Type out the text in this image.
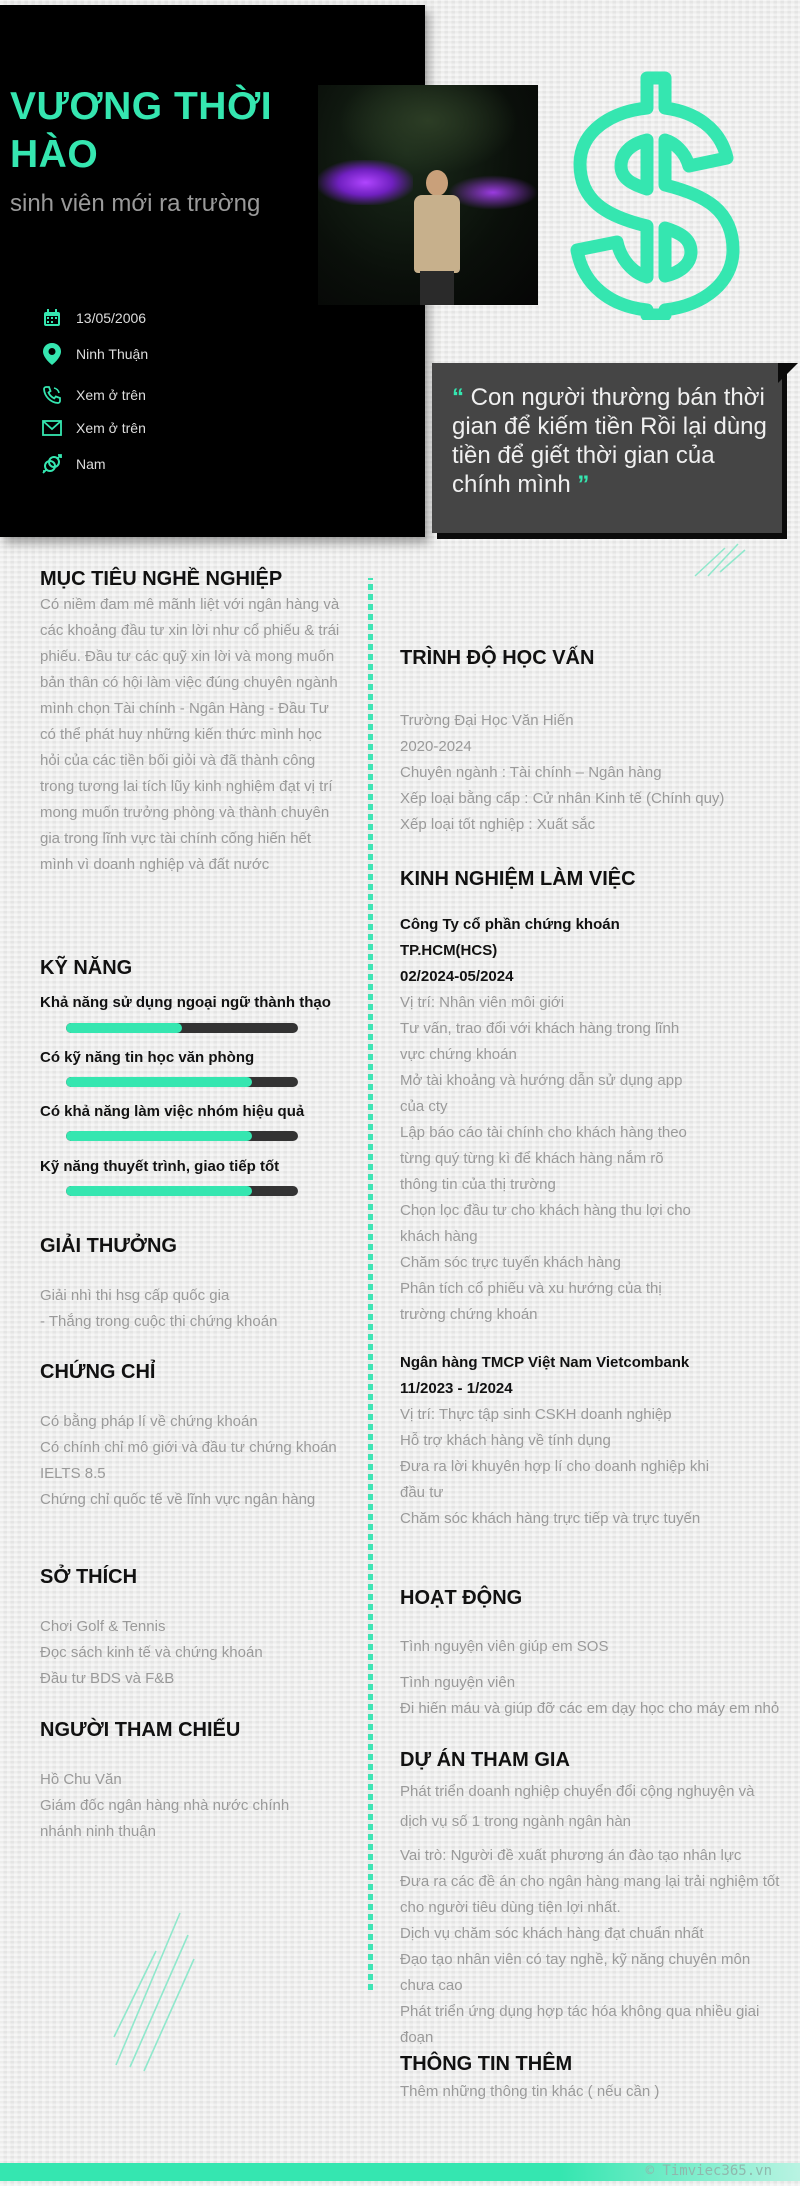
VƯƠNG THỜI HÀO
sinh viên mới ra trường
13/05/2006
Ninh Thuận
Xem ở trên
Xem ở trên
Nam
“ Con người thường bán thời gian để kiếm tiền Rồi lại dùng tiền để giết thời gian của chính mình ”
MỤC TIÊU NGHỀ NGHIỆP
Có niềm đam mê mãnh liệt với ngân hàng và các khoảng đầu tư xin lời như cổ phiếu & trái phiếu. Đầu tư các quỹ xin lời và mong muốn bản thân có hội làm việc đúng chuyên ngành mình chọn Tài chính - Ngân Hàng - Đầu Tư có thể phát huy những kiến thức mình học hỏi của các tiền bối giỏi và đã thành công trong tương lai tích lũy kinh nghiệm đạt vị trí mong muốn trưởng phòng và thành chuyên gia trong lĩnh vực tài chính cống hiến hết mình vì doanh nghiệp và đất nước
KỸ NĂNG
Khả năng sử dụng ngoại ngữ thành thạo
Có kỹ năng tin học văn phòng
Có khả năng làm việc nhóm hiệu quả
Kỹ năng thuyết trình, giao tiếp tốt
GIẢI THƯỞNG
Giải nhì thi hsg cấp quốc gia
- Thắng trong cuộc thi chứng khoán
CHỨNG CHỈ
Có bằng pháp lí về chứng khoán
Có chính chỉ mô giới và đầu tư chứng khoán
IELTS 8.5
Chứng chỉ quốc tế về lĩnh vực ngân hàng
SỞ THÍCH
Chơi Golf & Tennis
Đọc sách kinh tế và chứng khoán
Đầu tư BDS và F&B
NGƯỜI THAM CHIẾU
Hồ Chu Văn
Giám đốc ngân hàng nhà nước chính nhánh ninh thuận
TRÌNH ĐỘ HỌC VẤN
Trường Đại Học Văn Hiến
2020-2024
Chuyên ngành : Tài chính – Ngân hàng
Xếp loại bằng cấp : Cử nhân Kinh tế (Chính quy)
Xếp loại tốt nghiệp : Xuất sắc
KINH NGHIỆM LÀM VIỆC
Công Ty cổ phần chứng khoán TP.HCM(HCS)
02/2024-05/2024
Vị trí: Nhân viên môi giới
Tư vấn, trao đổi với khách hàng trong lĩnh vực chứng khoán
Mở tài khoảng và hướng dẫn sử dụng app của cty
Lập báo cáo tài chính cho khách hàng theo từng quý từng kì để khách hàng nắm rõ thông tin của thị trường
Chọn lọc đầu tư cho khách hàng thu lợi cho khách hàng
Chăm sóc trực tuyến khách hàng
Phân tích cổ phiếu và xu hướng của thị trường chứng khoán
Ngân hàng TMCP Việt Nam Vietcombank
11/2023 - 1/2024
Vị trí: Thực tập sinh CSKH doanh nghiệp
Hỗ trợ khách hàng về tính dụng
Đưa ra lời khuyên hợp lí cho doanh nghiệp khi đầu tư
Chăm sóc khách hàng trực tiếp và trực tuyến
HOẠT ĐỘNG
Tình nguyện viên giúp em SOS
Tình nguyện viên
Đi hiến máu và giúp đỡ các em dạy học cho máy em nhỏ
DỰ ÁN THAM GIA
Phát triển doanh nghiệp chuyển đổi cộng nghuyện và dịch vụ số 1 trong ngành ngân hàn
Vai trò: Người đề xuất phương án đào tạo nhân lực
Đưa ra các đề án cho ngân hàng mang lại trải nghiệm tốt cho người tiêu dùng tiện lợi nhất.
Dịch vụ chăm sóc khách hàng đạt chuẩn nhất
Đạo tạo nhân viên có tay nghề, kỹ năng chuyên môn chưa cao
Phát triển ứng dụng hợp tác hóa không qua nhiều giai đoạn
THÔNG TIN THÊM
Thêm những thông tin khác ( nếu cần )
© Timviec365.vn
